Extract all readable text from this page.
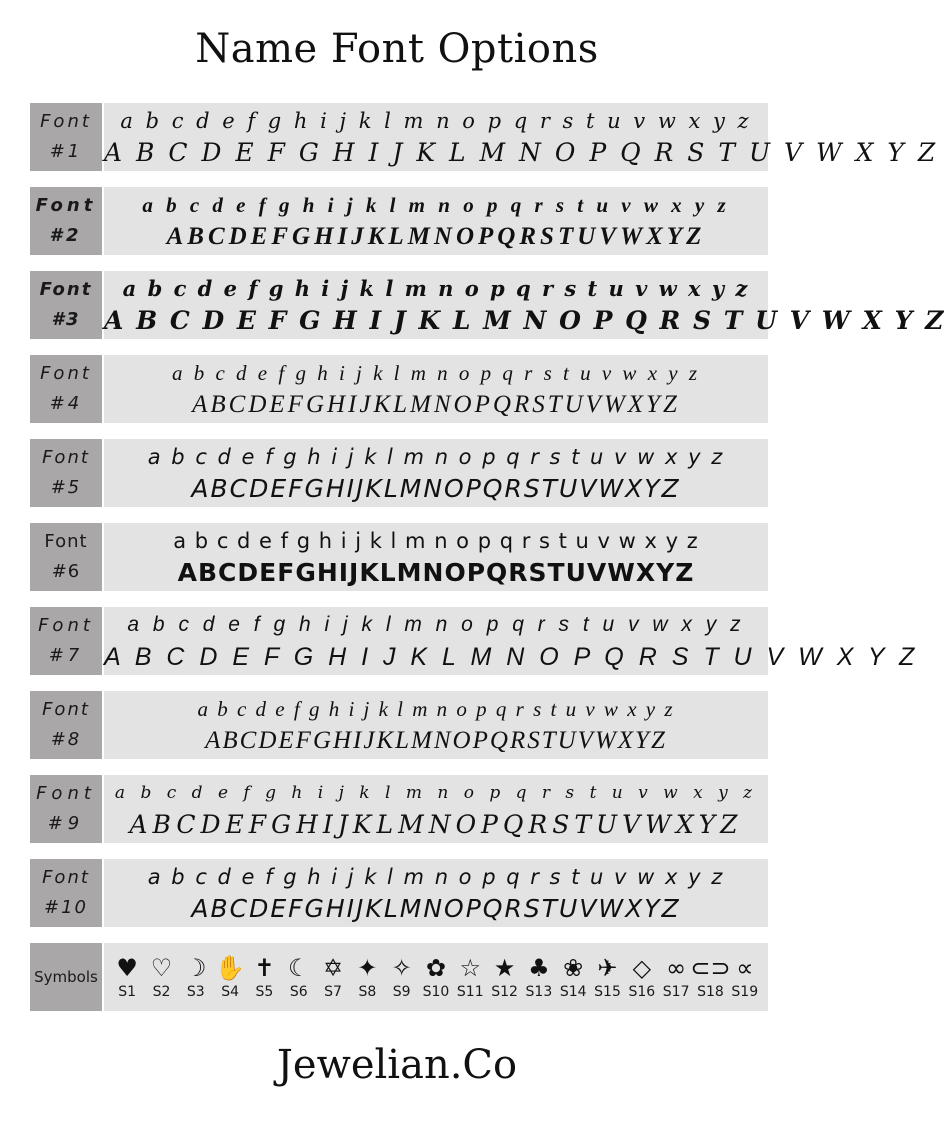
Name Font Options
Font
#1
a b c d e f g h i j k l m n o p q r s t u v w x y z
A B C D E F G H I J K L M N O P Q R S T U V W X Y Z
Font
#2
a b c d e f g h i j k l m n o p q r s t u v w x y z
ABCDEFGHIJKLMNOPQRSTUVWXYZ
Font
#3
a b c d e f g h i j k l m n o p q r s t u v w x y z
A B C D E F G H I J K L M N O P Q R S T U V W X Y Z
Font
#4
a b c d e f g h i j k l m n o p q r s t u v w x y z
ABCDEFGHIJKLMNOPQRSTUVWXYZ
Font
#5
a b c d e f g h i j k l m n o p q r s t u v w x y z
ABCDEFGHIJKLMNOPQRSTUVWXYZ
Font
#6
a b c d e f g h i j k l m n o p q r s t u v w x y z
ABCDEFGHIJKLMNOPQRSTUVWXYZ
Font
#7
a b c d e f g h i j k l m n o p q r s t u v w x y z
A B C D E F G H I J K L M N O P Q R S T U V W X Y Z
Font
#8
a b c d e f g h i j k l m n o p q r s t u v w x y z
ABCDEFGHIJKLMNOPQRSTUVWXYZ
Font
#9
a b c d e f g h i j k l m n o p q r s t u v w x y z
ABCDEFGHIJKLMNOPQRSTUVWXYZ
Font
#10
a b c d e f g h i j k l m n o p q r s t u v w x y z
ABCDEFGHIJKLMNOPQRSTUVWXYZ
Symbols ♥
S1
♡
S2
☽
S3
✋
S4
✝
S5
☾
S6
✡
S7
✦
S8
✧
S9
✿
S10
☆
S11
★
S12
♣
S13
❀
S14
✈
S15
◇
S16
∞
S17
⊂⊃
S18
∝
S19
Jewelian.Co
